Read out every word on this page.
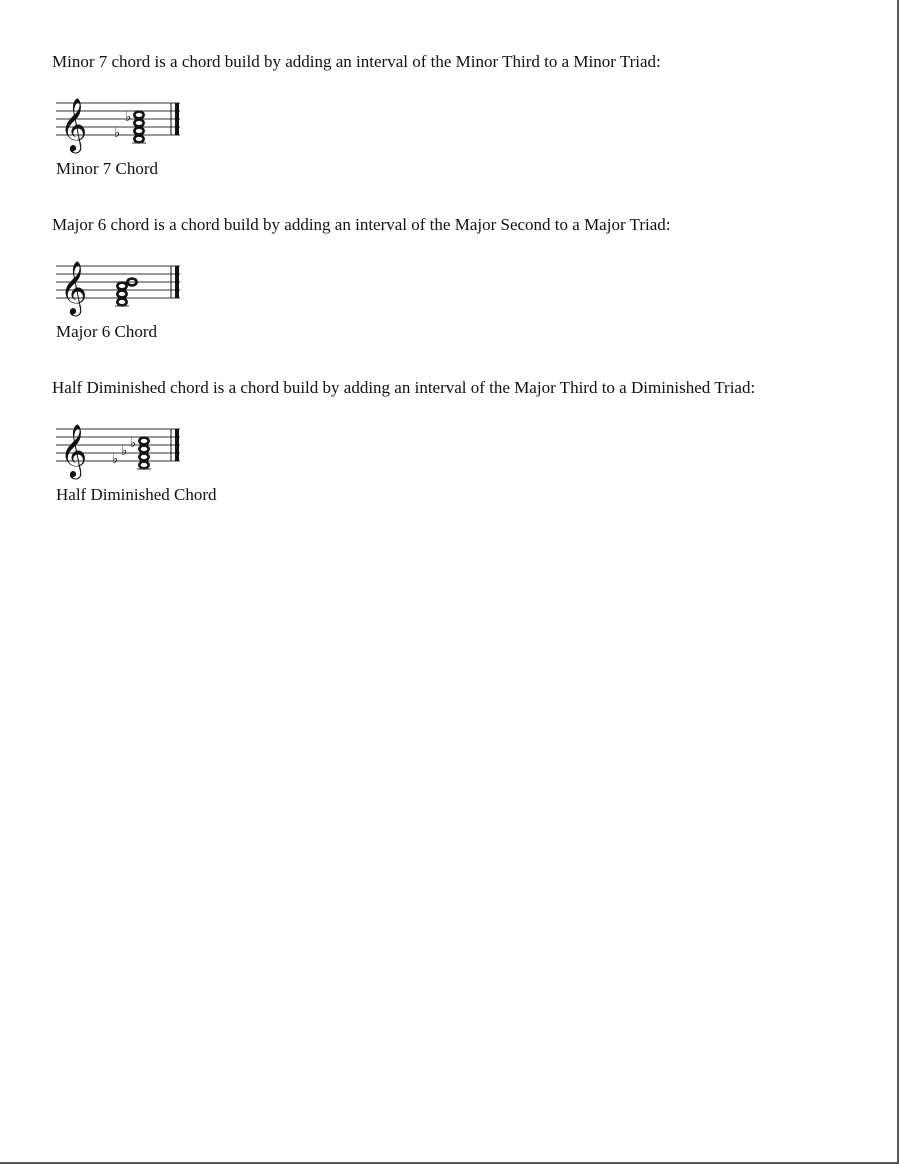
Minor 7 chord is a chord build by adding an interval of the Minor Third to a Minor Triad:

𝄞 ♭
♭

Minor 7 Chord

Major 6 chord is a chord build by adding an interval of the Major Second to a Major Triad:

𝄞

Major 6 Chord

Half Diminished chord is a chord build by adding an interval of the Major Third to a Diminished Triad:

𝄞 ♭
♭
♭

Half Diminished Chord
